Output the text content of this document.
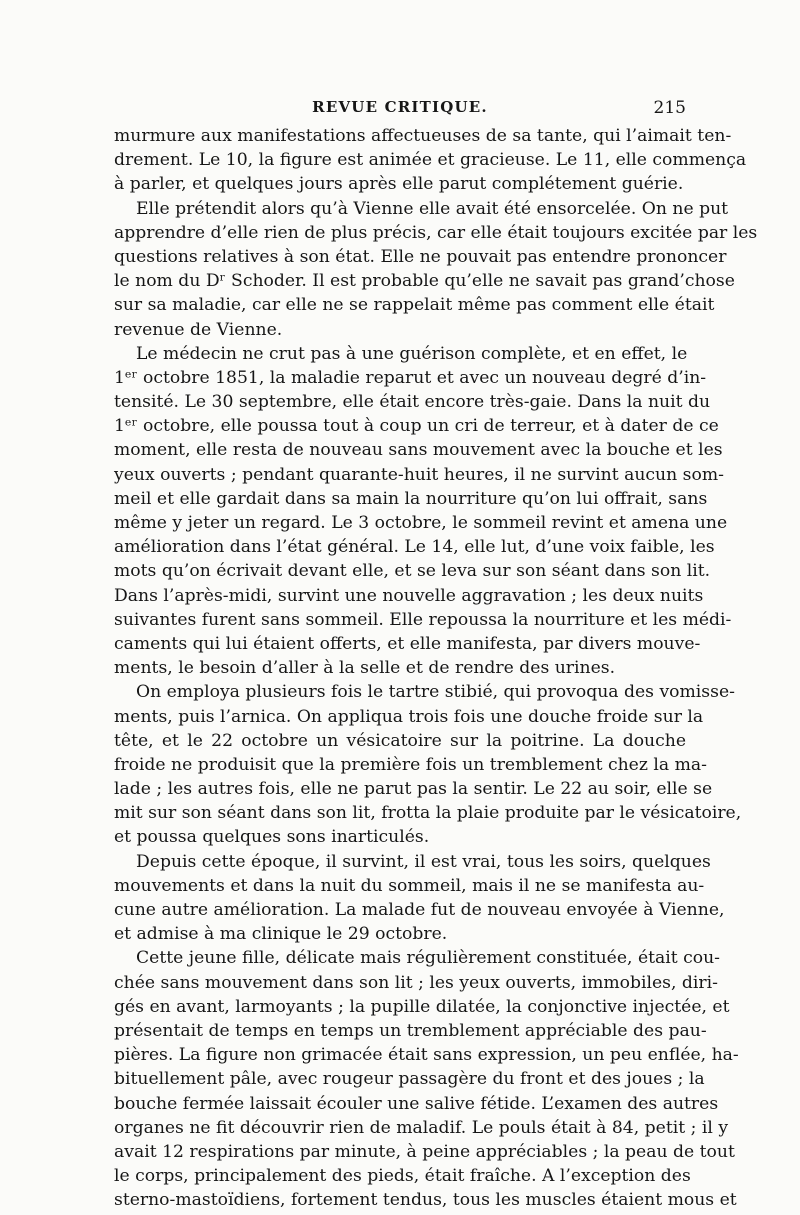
REVUE CRITIQUE.	215
murmure aux manifestations affectueuses de sa tante, qui l’aimait ten-
drement. Le 10, la figure est animée et gracieuse. Le 11, elle commença
à parler, et quelques jours après elle parut complétement guérie.
Elle prétendit alors qu’à Vienne elle avait été ensorcelée. On ne put
apprendre d’elle rien de plus précis, car elle était toujours excitée par les
questions relatives à son état. Elle ne pouvait pas entendre prononcer
le nom du Dʳ Schoder. Il est probable qu’elle ne savait pas grand’chose
sur sa maladie, car elle ne se rappelait même pas comment elle était
revenue de Vienne.
Le médecin ne crut pas à une guérison complète, et en effet, le
1ᵉʳ octobre 1851, la maladie reparut et avec un nouveau degré d’in-
tensité. Le 30 septembre, elle était encore très-gaie. Dans la nuit du
1ᵉʳ octobre, elle poussa tout à coup un cri de terreur, et à dater de ce
moment, elle resta de nouveau sans mouvement avec la bouche et les
yeux ouverts ; pendant quarante-huit heures, il ne survint aucun som-
meil et elle gardait dans sa main la nourriture qu’on lui offrait, sans
même y jeter un regard. Le 3 octobre, le sommeil revint et amena une
amélioration dans l’état général. Le 14, elle lut, d’une voix faible, les
mots qu’on écrivait devant elle, et se leva sur son séant dans son lit.
Dans l’après-midi, survint une nouvelle aggravation ; les deux nuits
suivantes furent sans sommeil. Elle repoussa la nourriture et les médi-
caments qui lui étaient offerts, et elle manifesta, par divers mouve-
ments, le besoin d’aller à la selle et de rendre des urines.
On employa plusieurs fois le tartre stibié, qui provoqua des vomisse-
ments, puis l’arnica. On appliqua trois fois une douche froide sur la
tête, et le 22 octobre un vésicatoire sur la poitrine. La douche
froide ne produisit que la première fois un tremblement chez la ma-
lade ; les autres fois, elle ne parut pas la sentir. Le 22 au soir, elle se
mit sur son séant dans son lit, frotta la plaie produite par le vésicatoire,
et poussa quelques sons inarticulés.
Depuis cette époque, il survint, il est vrai, tous les soirs, quelques
mouvements et dans la nuit du sommeil, mais il ne se manifesta au-
cune autre amélioration. La malade fut de nouveau envoyée à Vienne,
et admise à ma clinique le 29 octobre.
Cette jeune fille, délicate mais régulièrement constituée, était cou-
chée sans mouvement dans son lit ; les yeux ouverts, immobiles, diri-
gés en avant, larmoyants ; la pupille dilatée, la conjonctive injectée, et
présentait de temps en temps un tremblement appréciable des pau-
pières. La figure non grimacée était sans expression, un peu enflée, ha-
bituellement pâle, avec rougeur passagère du front et des joues ; la
bouche fermée laissait écouler une salive fétide. L’examen des autres
organes ne fit découvrir rien de maladif. Le pouls était à 84, petit ; il y
avait 12 respirations par minute, à peine appréciables ; la peau de tout
le corps, principalement des pieds, était fraîche. A l’exception des
sterno-mastoïdiens, fortement tendus, tous les muscles étaient mous et
